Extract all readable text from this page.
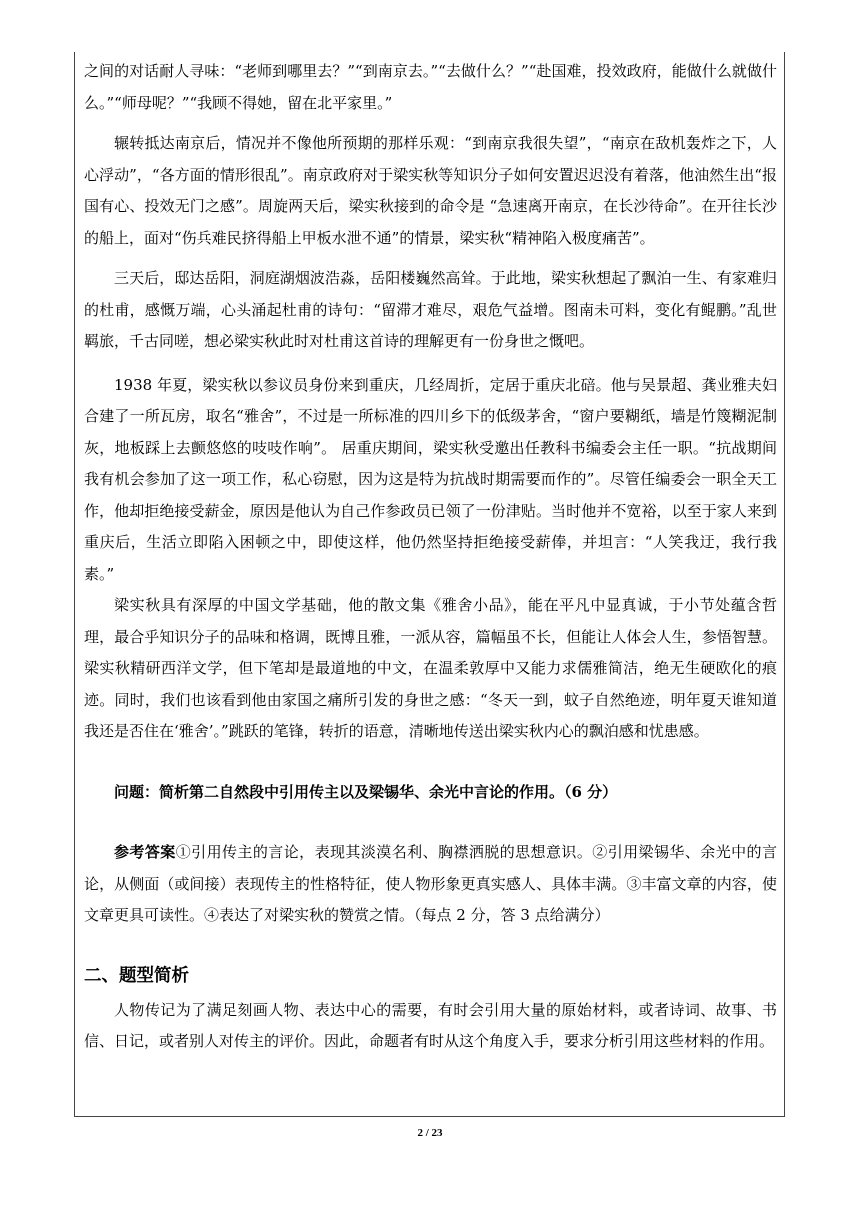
之间的对话耐人寻味：“老师到哪里去？”“到南京去。”“去做什么？”“赴国难，投效政府，能做什么就做什么。”“师母呢？”“我顾不得她，留在北平家里。”

辗转抵达南京后，情况并不像他所预期的那样乐观：“到南京我很失望”，“南京在敌机轰炸之下，人心浮动”，“各方面的情形很乱”。南京政府对于梁实秋等知识分子如何安置迟迟没有着落，他油然生出“报国有心、投效无门之感”。周旋两天后，梁实秋接到的命令是 “急速离开南京，在长沙待命”。在开往长沙的船上，面对“伤兵难民挤得船上甲板水泄不通”的情景，梁实秋“精神陷入极度痛苦”。

三天后，邸达岳阳，洞庭湖烟波浩淼，岳阳楼巍然高耸。于此地，梁实秋想起了飘泊一生、有家难归的杜甫，感慨万端，心头涌起杜甫的诗句：“留滞才难尽，艰危气益增。图南未可料，变化有鲲鹏。”乱世羁旅，千古同嗟，想必梁实秋此时对杜甫这首诗的理解更有一份身世之慨吧。

1938 年夏，梁实秋以参议员身份来到重庆，几经周折，定居于重庆北碚。他与吴景超、龚业雅夫妇合建了一所瓦房，取名“雅舍”，不过是一所标准的四川乡下的低级茅舍，“窗户要糊纸，墙是竹篾糊泥制灰，地板踩上去颤悠悠的吱吱作响”。 居重庆期间，梁实秋受邀出任教科书编委会主任一职。“抗战期间我有机会参加了这一项工作，私心窃慰，因为这是特为抗战时期需要而作的”。尽管任编委会一职全天工作，他却拒绝接受薪金，原因是他认为自己作参政员已领了一份津贴。当时他并不宽裕，以至于家人来到重庆后，生活立即陷入困顿之中，即使这样，他仍然坚持拒绝接受薪俸，并坦言：“人笑我迂，我行我素。”

梁实秋具有深厚的中国文学基础，他的散文集《雅舍小品》，能在平凡中显真诚，于小节处蕴含哲理，最合乎知识分子的品味和格调，既博且雅，一派从容，篇幅虽不长，但能让人体会人生，参悟智慧。梁实秋精研西洋文学，但下笔却是最道地的中文，在温柔敦厚中又能力求儒雅简洁，绝无生硬欧化的痕迹。同时，我们也该看到他由家国之痛所引发的身世之感：“冬天一到，蚊子自然绝迹，明年夏天谁知道我还是否住在‘雅舍’。”跳跃的笔锋，转折的语意，清晰地传送出梁实秋内心的飘泊感和忧患感。

问题：简析第二自然段中引用传主以及梁锡华、余光中言论的作用。（6 分）

参考答案①引用传主的言论，表现其淡漠名利、胸襟洒脱的思想意识。②引用梁锡华、余光中的言论，从侧面（或间接）表现传主的性格特征，使人物形象更真实感人、具体丰满。③丰富文章的内容，使文章更具可读性。④表达了对梁实秋的赞赏之情。（每点 2 分，答 3 点给满分）

二、题型简析

人物传记为了满足刻画人物、表达中心的需要，有时会引用大量的原始材料，或者诗词、故事、书信、日记，或者别人对传主的评价。因此，命题者有时从这个角度入手，要求分析引用这些材料的作用。

2 / 23
